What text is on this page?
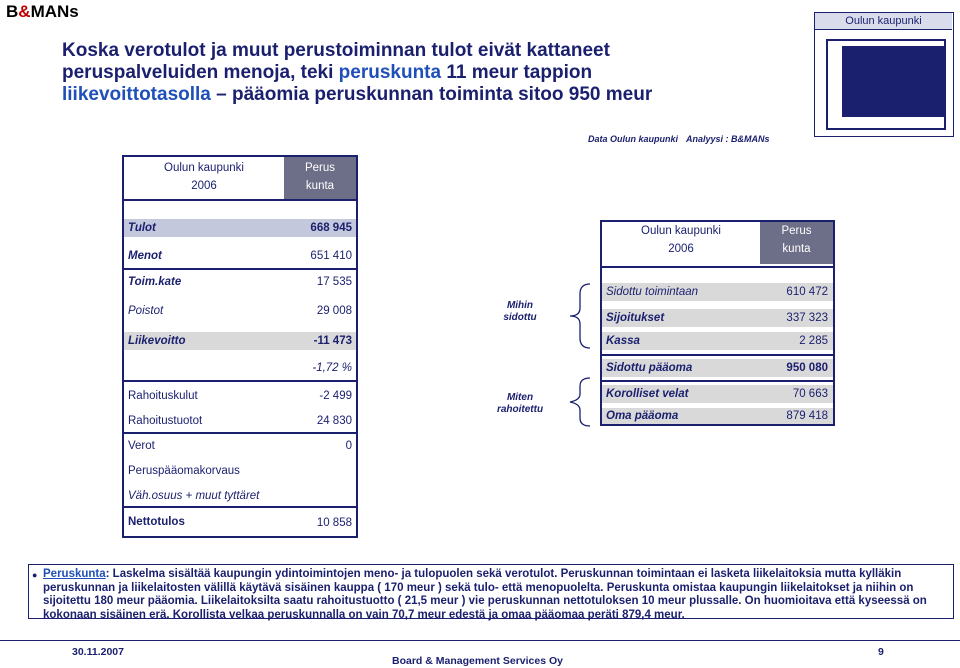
B&MANs
Koska verotulot ja muut perustoiminnan tulot eivät kattaneet
peruspalveluiden menoja, teki peruskunta 11 meur tappion
liikevoittotasolla – pääomia peruskunnan toiminta sitoo 950 meur
Data Oulun kaupunki Analyysi : B&MANs
Oulun kaupunki
Oulun kaupunki
2006
Perus
kunta
Tulot	668 945
Menot	651 410
Toim.kate	17 535
Poistot	29 008
Liikevoitto	-11 473
-1,72 %
Rahoituskulut	-2 499
Rahoitustuotot	24 830
Verot	0
Peruspääomakorvaus
Väh.osuus + muut tyttäret
Nettotulos	10 858
Mihin
sidottu
Miten
rahoitettu
Oulun kaupunki
2006
Perus
kunta
Sidottu toimintaan	610 472
Sijoitukset	337 323
Kassa	2 285
Sidottu pääoma	950 080
Korolliset velat	70 663
Oma pääoma	879 418
● Peruskunta: Laskelma sisältää kaupungin ydintoimintojen meno- ja tulopuolen sekä verotulot. Peruskunnan toimintaan ei lasketa liikelaitoksia mutta kylläkin peruskunnan ja liikelaitosten välillä käytävä sisäinen kauppa ( 170 meur ) sekä tulo- että menopuolelta. Peruskunta omistaa kaupungin liikelaitokset ja niihin on sijoitettu 180 meur pääomia. Liikelaitoksilta saatu rahoitustuotto ( 21,5 meur ) vie peruskunnan nettotuloksen 10 meur plussalle. On huomioitava että kyseessä on kokonaan sisäinen erä. Korollista velkaa peruskunnalla on vain 70,7 meur edestä ja omaa pääomaa peräti 879,4 meur.
30.11.2007
Board & Management Services Oy
9
